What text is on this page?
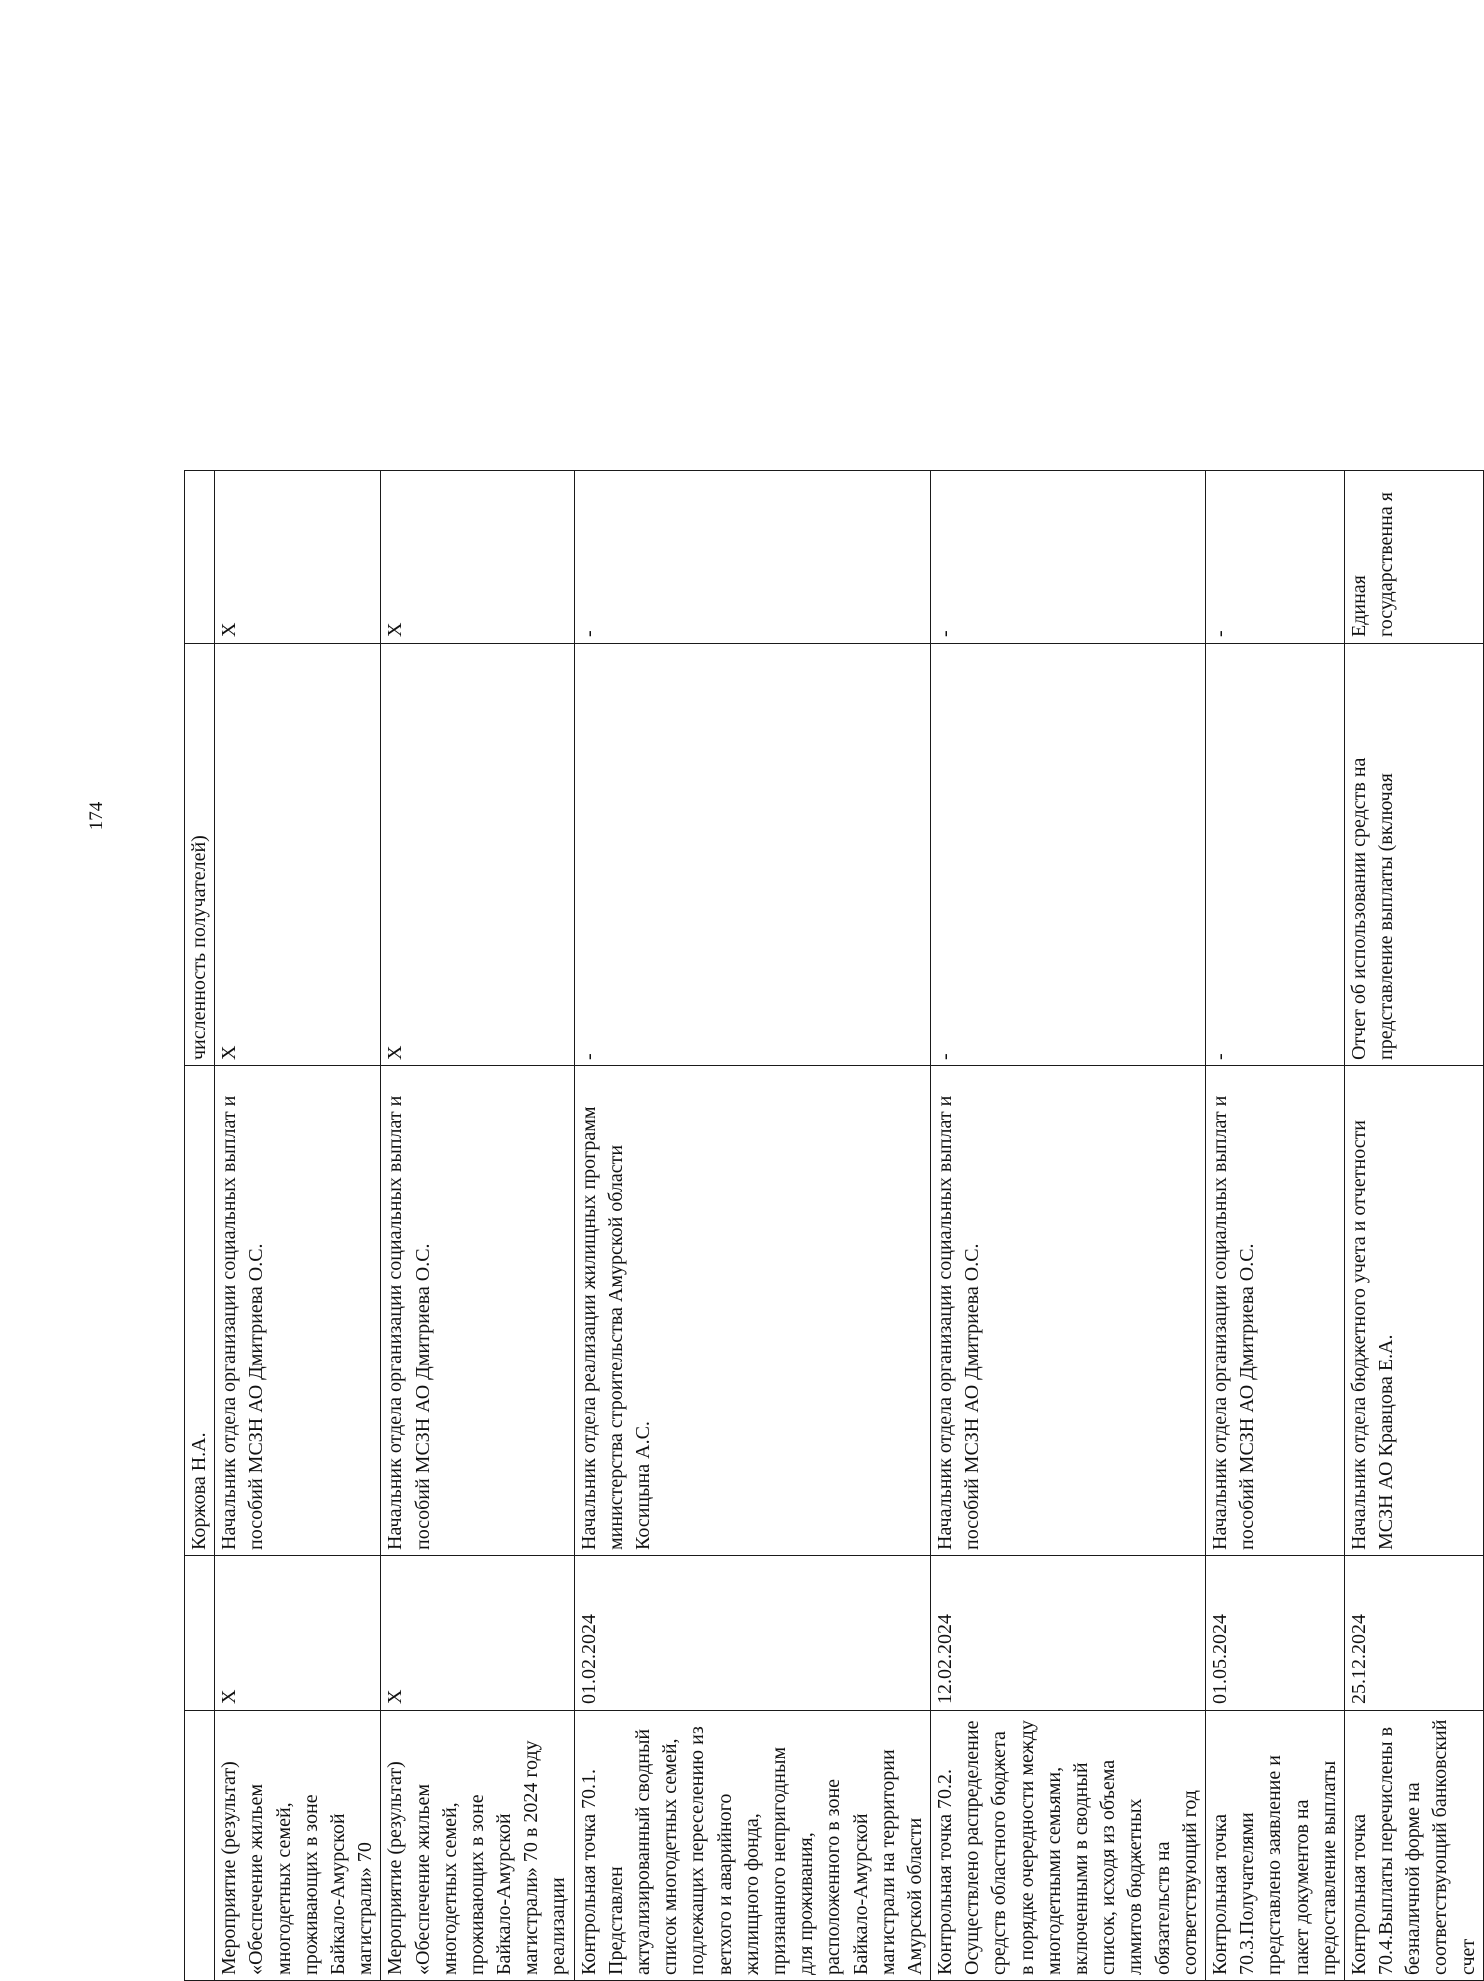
174
		Коржова Н.А.	численность получателей)	
Мероприятие (результат) «Обеспечение жильем многодетных семей, проживающих в зоне Байкало-Амурской магистрали» 70	X	Начальник отдела организации социальных выплат и пособий МСЗН АО Дмитриева О.С.	X	X
Мероприятие (результат) «Обеспечение жильем многодетных семей, проживающих в зоне Байкало-Амурской магистрали» 70 в 2024 году реализации	X	Начальник отдела организации социальных выплат и пособий МСЗН АО Дмитриева О.С.	X	X
Контрольная точка 70.1. Представлен актуализированный сводный список многодетных семей, подлежащих переселению из ветхого и аварийного жилищного фонда, признанного непригодным для проживания, расположенного в зоне Байкало-Амурской магистрали на территории Амурской области	01.02.2024	Начальник отдела реализации жилищных программ министерства строительства Амурской области Косицына А.С.	-	-
Контрольная точка 70.2. Осуществлено распределение средств областного бюджета в порядке очередности между многодетными семьями, включенными в сводный список, исходя из объема лимитов бюджетных обязательств на соответствующий год	12.02.2024	Начальник отдела организации социальных выплат и пособий МСЗН АО Дмитриева О.С.	-	-
Контрольная точка 70.3.Получателями представлено заявление и пакет документов на предоставление выплаты	01.05.2024	Начальник отдела организации социальных выплат и пособий МСЗН АО Дмитриева О.С.	-	-
Контрольная точка 70.4.Выплаты перечислены в безналичной форме на соответствующий банковский счет	25.12.2024	Начальник отдела бюджетного учета и отчетности МСЗН АО Кравцова Е.А.	Отчет об использовании средств на представление выплаты (включая	Единая государственна я
